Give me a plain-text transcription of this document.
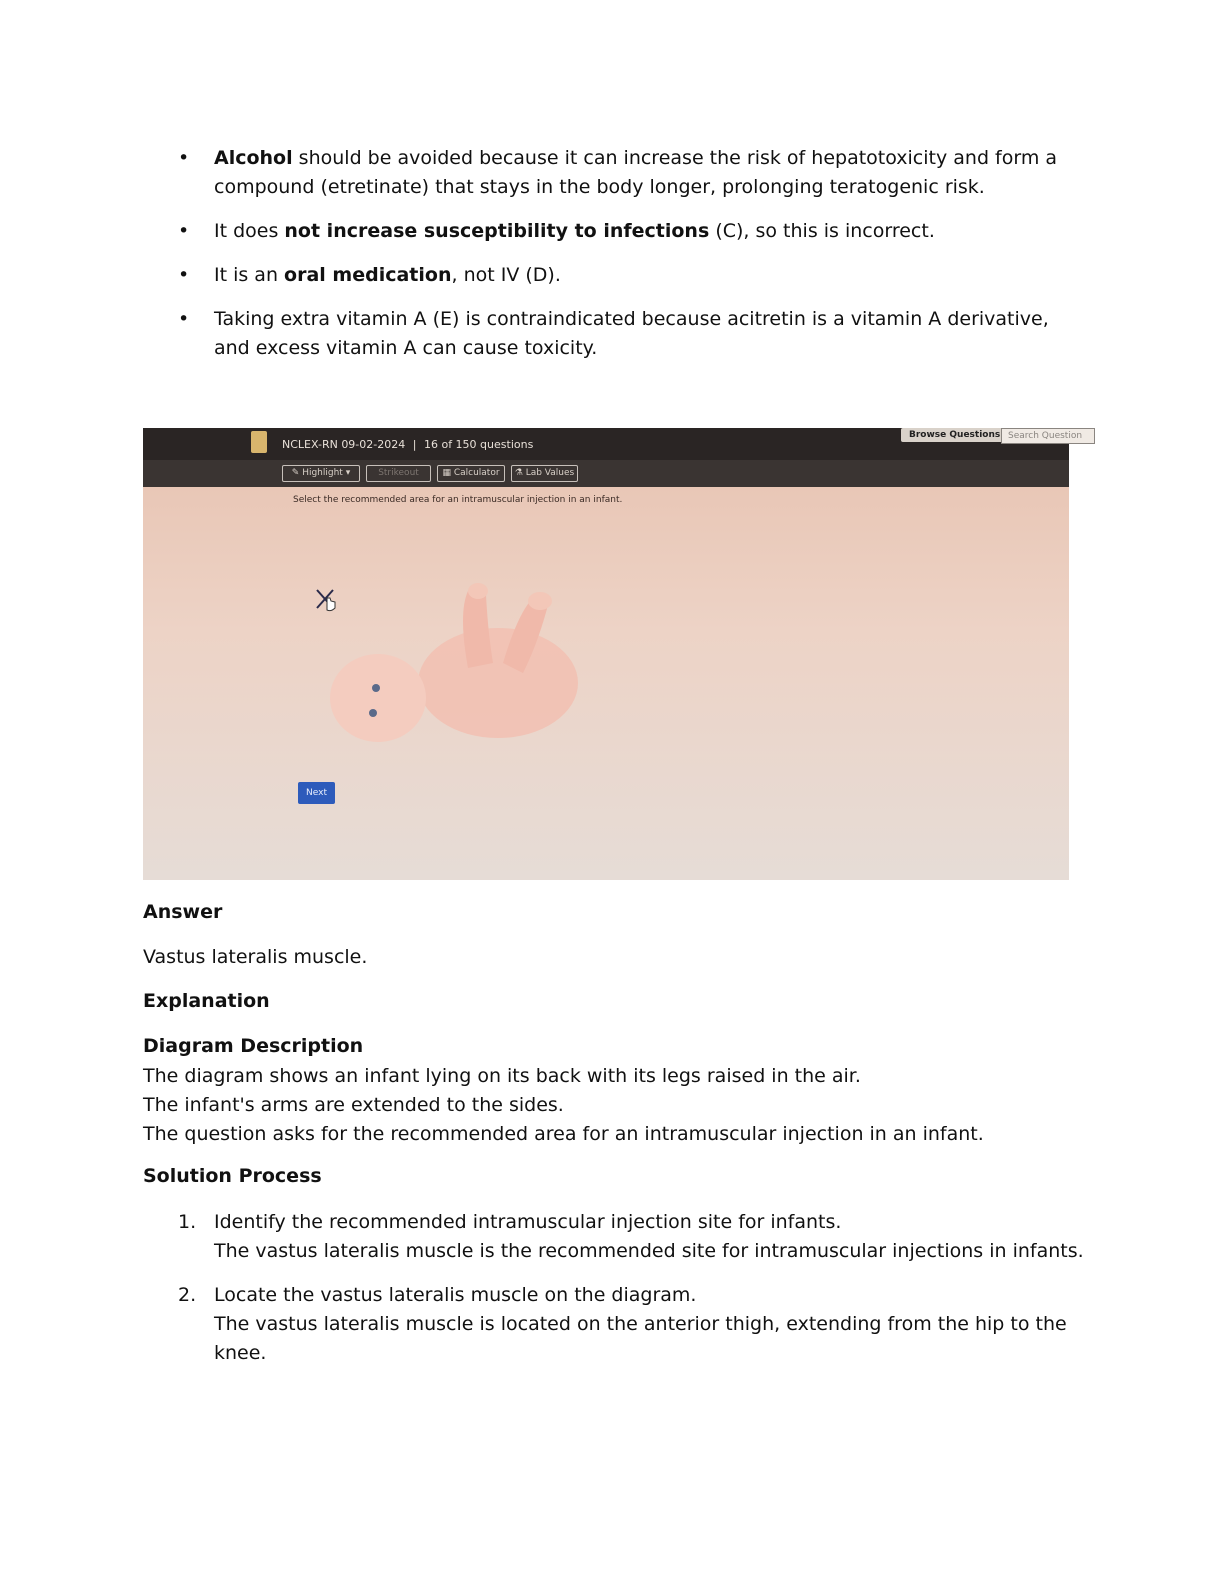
• Alcohol should be avoided because it can increase the risk of hepatotoxicity and form a compound (etretinate) that stays in the body longer, prolonging teratogenic risk.
• It does not increase susceptibility to infections (C), so this is incorrect.
• It is an oral medication, not IV (D).
• Taking extra vitamin A (E) is contraindicated because acitretin is a vitamin A derivative, and excess vitamin A can cause toxicity.
NCLEX-RN 09-02-2024 | 16 of 150 questions
Browse Questions Search Question
✎ Highlight ▾	Strikeout	▦ Calculator	⚗ Lab Values
Select the recommended area for an intramuscular injection in an infant.
Next
Answer
Vastus lateralis muscle.
Explanation
Diagram Description
The diagram shows an infant lying on its back with its legs raised in the air.
The infant's arms are extended to the sides.
The question asks for the recommended area for an intramuscular injection in an infant.
Solution Process
1. Identify the recommended intramuscular injection site for infants.
The vastus lateralis muscle is the recommended site for intramuscular injections in infants.
2. Locate the vastus lateralis muscle on the diagram.
The vastus lateralis muscle is located on the anterior thigh, extending from the hip to the knee.
